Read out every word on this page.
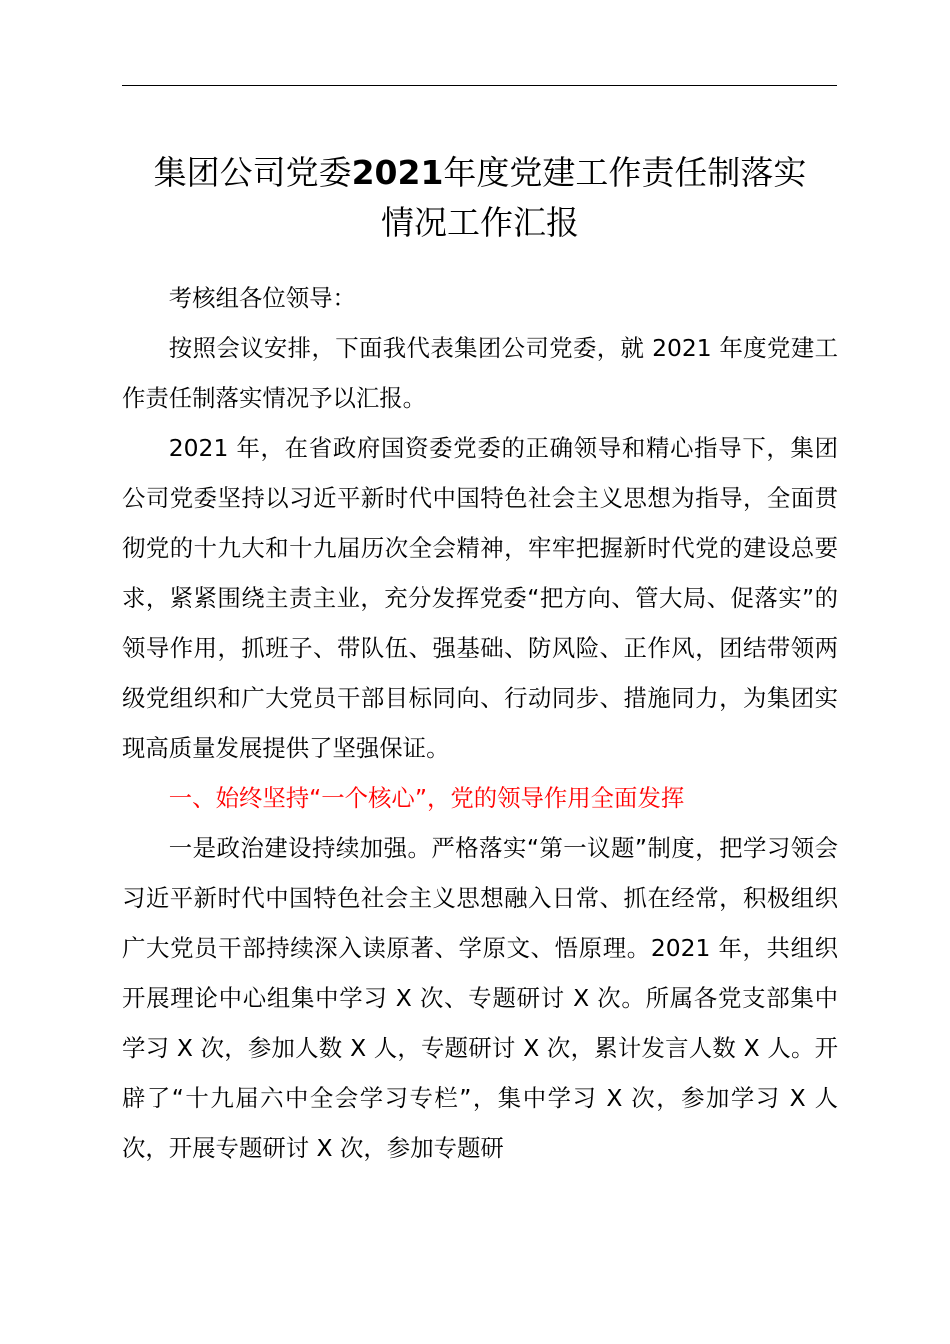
集团公司党委2021年度党建工作责任制落实
情况工作汇报

考核组各位领导：

按照会议安排，下面我代表集团公司党委，就 2021 年度党建工作责任制落实情况予以汇报。

2021 年，在省政府国资委党委的正确领导和精心指导下，集团公司党委坚持以习近平新时代中国特色社会主义思想为指导，全面贯彻党的十九大和十九届历次全会精神，牢牢把握新时代党的建设总要求，紧紧围绕主责主业，充分发挥党委“把方向、管大局、促落实”的领导作用，抓班子、带队伍、强基础、防风险、正作风，团结带领两级党组织和广大党员干部目标同向、行动同步、措施同力，为集团实现高质量发展提供了坚强保证。

一、始终坚持“一个核心”，党的领导作用全面发挥

一是政治建设持续加强。严格落实“第一议题”制度，把学习领会习近平新时代中国特色社会主义思想融入日常、抓在经常，积极组织广大党员干部持续深入读原著、学原文、悟原理。2021 年，共组织开展理论中心组集中学习 X 次、专题研讨 X 次。所属各党支部集中学习 X 次，参加人数 X 人，专题研讨 X 次，累计发言人数 X 人。开辟了“十九届六中全会学习专栏”，集中学习 X 次，参加学习 X 人次，开展专题研讨 X 次，参加专题研
